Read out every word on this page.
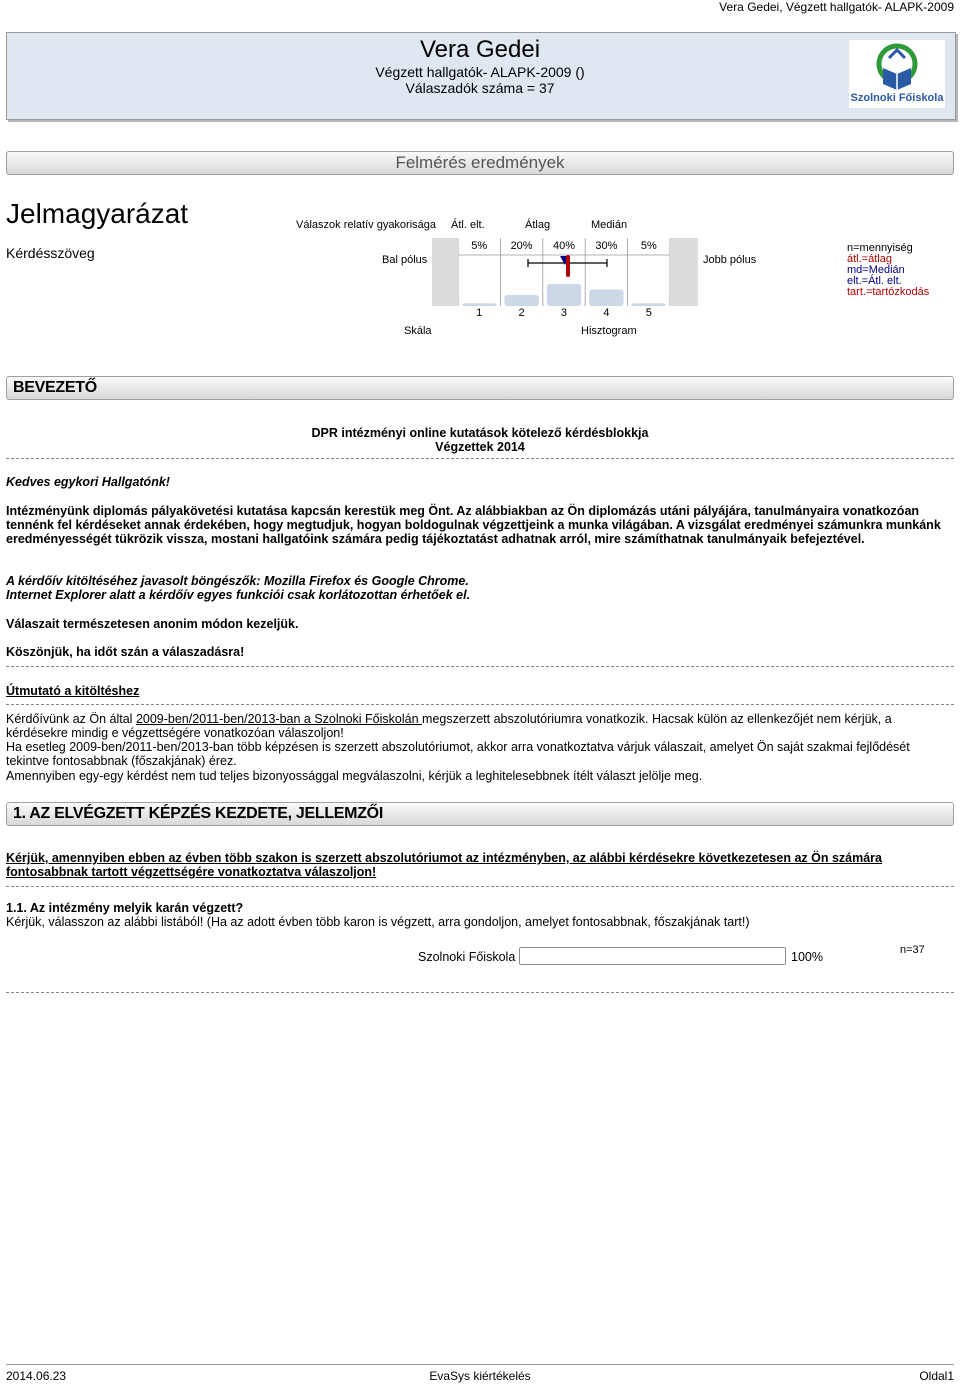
Vera Gedei, Végzett hallgatók- ALAPK-2009
Vera Gedei
Végzett hallgatók- ALAPK-2009 ()
Válaszadók száma = 37
Szolnoki Főiskola
Felmérés eredmények
Jelmagyarázat
Kérdésszöveg
Válaszok relatív gyakorisága Átl. elt.	Átlag	Medián
Bal pólus	Jobb pólus
Skála	Hisztogram
5%	20%	40%	30%	5%
1	2	3	4	5
n=mennyiség
átl.=átlag
md=Medián
elt.=Átl. elt.
tart.=tartózkodás
BEVEZETŐ
DPR intézményi online kutatások kötelező kérdésblokkja
Végzettek 2014
Kedves egykori Hallgatónk!
Intézményünk diplomás pályakövetési kutatása kapcsán kerestük meg Önt. Az alábbiakban az Ön diplomázás utáni pályájára, tanulmányaira vonatkozóan tennénk fel kérdéseket annak érdekében, hogy megtudjuk, hogyan boldogulnak végzettjeink a munka világában. A vizsgálat eredményei számunkra munkánk eredményességét tükrözik vissza, mostani hallgatóink számára pedig tájékoztatást adhatnak arról, mire számíthatnak tanulmányaik befejeztével.
A kérdőív kitöltéséhez javasolt böngészők: Mozilla Firefox és Google Chrome.
Internet Explorer alatt a kérdőív egyes funkciói csak korlátozottan érhetőek el.
Válaszait természetesen anonim módon kezeljük.
Köszönjük, ha időt szán a válaszadásra!
Útmutató a kitöltéshez
Kérdőívünk az Ön által 2009-ben/2011-ben/2013-ban a Szolnoki Főiskolán megszerzett abszolutóriumra vonatkozik. Hacsak külön az ellenkezőjét nem kérjük, a kérdésekre mindig e végzettségére vonatkozóan válaszoljon!
Ha esetleg 2009-ben/2011-ben/2013-ban több képzésen is szerzett abszolutóriumot, akkor arra vonatkoztatva várjuk válaszait, amelyet Ön saját szakmai fejlődését tekintve fontosabbnak (főszakjának) érez.
Amennyiben egy-egy kérdést nem tud teljes bizonyossággal megválaszolni, kérjük a leghitelesebbnek ítélt választ jelölje meg.
1. AZ ELVÉGZETT KÉPZÉS KEZDETE, JELLEMZŐI
Kérjük, amennyiben ebben az évben több szakon is szerzett abszolutóriumot az intézményben, az alábbi kérdésekre következetesen az Ön számára fontosabbnak tartott végzettségére vonatkoztatva válaszoljon!
1.1. Az intézmény melyik karán végzett?
Kérjük, válasszon az alábbi listából! (Ha az adott évben több karon is végzett, arra gondoljon, amelyet fontosabbnak, főszakjának tart!)
Szolnoki Főiskola	100%	n=37
2014.06.23	EvaSys kiértékelés	Oldal1
